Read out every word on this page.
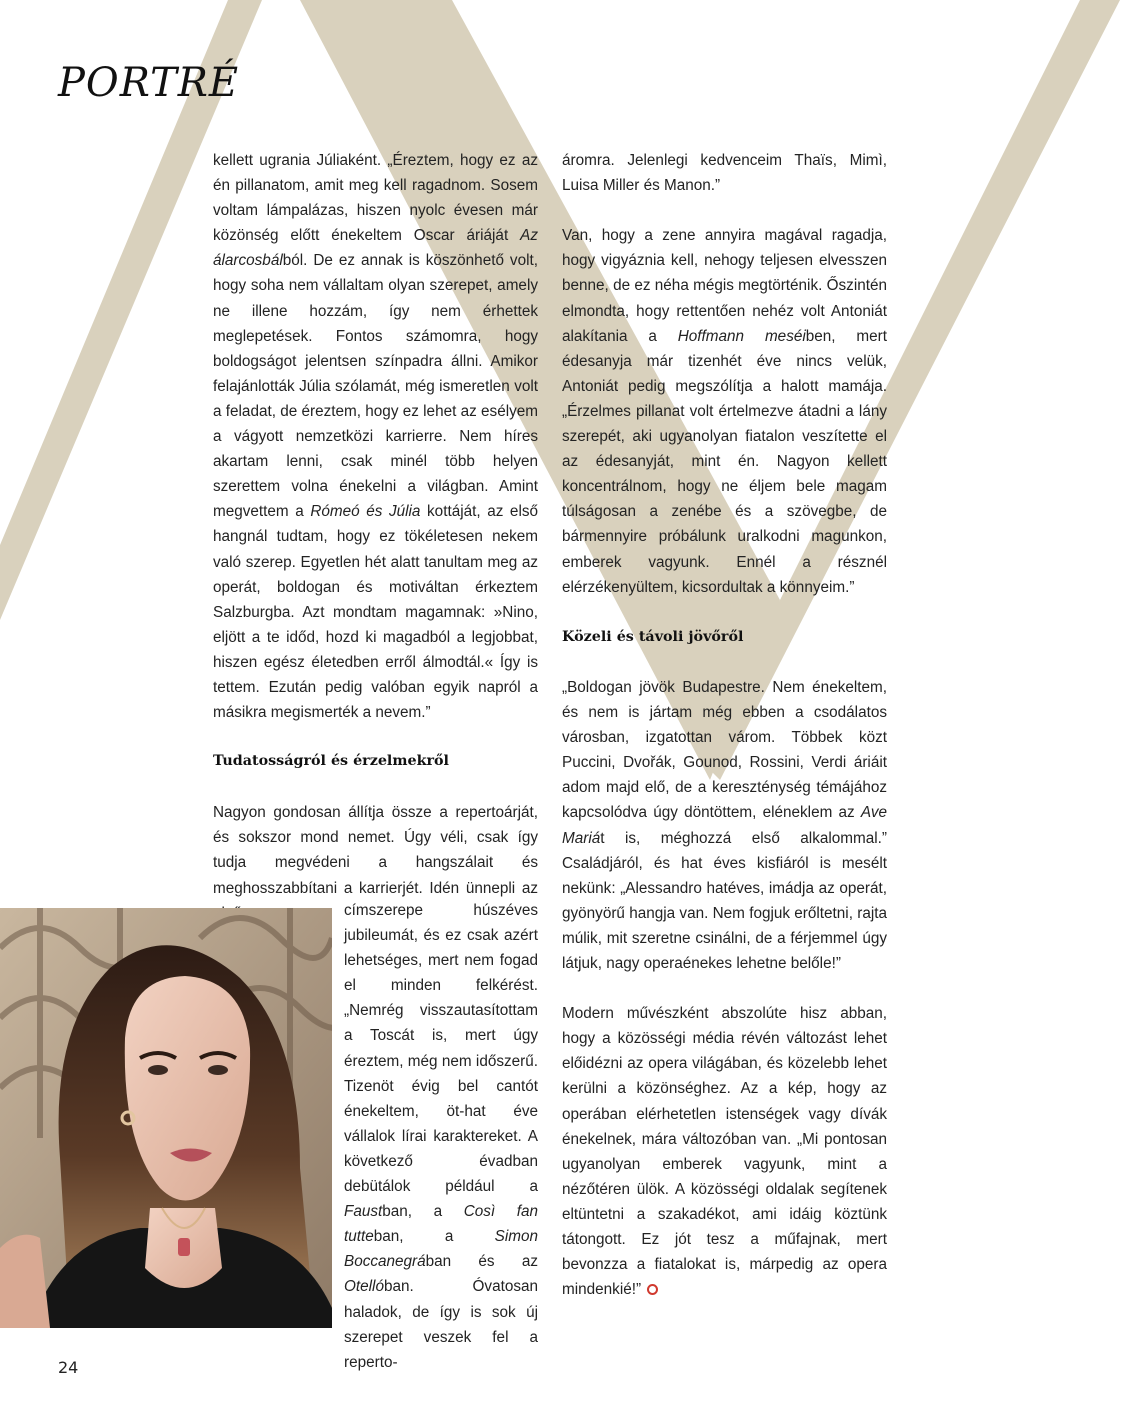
PORTRÉ

kellett ugrania Júliaként. „Éreztem, hogy ez az én pillanatom, amit meg kell ragadnom. Sosem voltam lámpalázas, hiszen nyolc évesen már közönség előtt énekeltem Oscar áriáját Az álarcosbálból. De ez annak is köszönhető volt, hogy soha nem vállaltam olyan szerepet, amely ne illene hozzám, így nem érhettek meglepetések. Fontos számomra, hogy boldogságot jelentsen színpadra állni. Amikor felajánlották Júlia szólamát, még ismeretlen volt a feladat, de éreztem, hogy ez lehet az esélyem a vágyott nemzetközi karrierre. Nem híres akartam lenni, csak minél több helyen szerettem volna énekelni a világban. Amint megvettem a Rómeó és Júlia kottáját, az első hangnál tudtam, hogy ez tökéletesen nekem való szerep. Egyetlen hét alatt tanultam meg az operát, boldogan és motiváltan érkeztem Salzburgba. Azt mondtam magamnak: »Nino, eljött a te időd, hozd ki magadból a legjobbat, hiszen egész életedben erről álmodtál.« Így is tettem. Ezután pedig valóban egyik napról a másikra megismerték a nevem.”

Tudatosságról és érzelmekről

Nagyon gondosan állítja össze a repertoárját, és sokszor mond nemet. Úgy véli, csak így tudja megvédeni a hangszálait és meghosszabbítani a karrierjét. Idén ünnepli az

címszerepe húszéves jubileumát, és ez csak azért lehetséges, mert nem fogad el minden felkérést. „Nemrég visszautasítottam a Toscát is, mert úgy éreztem, még nem időszerű. Tizenöt évig bel cantót énekeltem, öt-hat éve vállalok lírai karaktereket. A következő évadban debütálok például a Faustban, a Così fan tutteban, a Simon Boccanegrában és az Otellóban. Óvatosan haladok, de így is sok új szerepet veszek fel a reperto-

áromra. Jelenlegi kedvenceim Thaïs, Mimì, Luisa Miller és Manon.”

Van, hogy a zene annyira magával ragadja, hogy vigyáznia kell, nehogy teljesen elvesszen benne, de ez néha mégis megtörténik. Őszintén elmondta, hogy rettentően nehéz volt Antoniát alakítania a Hoffmann meséiben, mert édesanyja már tizenhét éve nincs velük, Antoniát pedig megszólítja a halott mamája. „Érzelmes pillanat volt értelmezve átadni a lány szerepét, aki ugyanolyan fiatalon veszítette el az édesanyját, mint én. Nagyon kellett koncentrálnom, hogy ne éljem bele magam túlságosan a zenébe és a szövegbe, de bármennyire próbálunk uralkodni magunkon, emberek vagyunk. Ennél a résznél elérzékenyültem, kicsordultak a könnyeim.”

Közeli és távoli jövőről

„Boldogan jövök Budapestre. Nem énekeltem, és nem is jártam még ebben a csodálatos városban, izgatottan várom. Többek közt Puccini, Dvořák, Gounod, Rossini, Verdi áriáit adom majd elő, de a kereszténység témájához kapcsolódva úgy döntöttem, eléneklem az Ave Mariát is, méghozzá első alkalommal.” Családjáról, és hat éves kisfiáról is mesélt nekünk: „Alessandro hatéves, imádja az operát, gyönyörű hangja van. Nem fogjuk erőltetni, rajta múlik, mit szeretne csinálni, de a férjemmel úgy látjuk, nagy operaénekes lehetne belőle!”

Modern művészként abszolúte hisz abban, hogy a közösségi média révén változást lehet előidézni az opera világában, és közelebb lehet kerülni a közönséghez. Az a kép, hogy az operában elérhetetlen istenségek vagy dívák énekelnek, mára változóban van. „Mi pontosan ugyanolyan emberek vagyunk, mint a nézőtéren ülök. A közösségi oldalak segítenek eltüntetni a szakadékot, ami idáig köztünk tátongott. Ez jót tesz a műfajnak, mert bevonzza a fiatalokat is, márpedig az opera mindenkié!”

24
